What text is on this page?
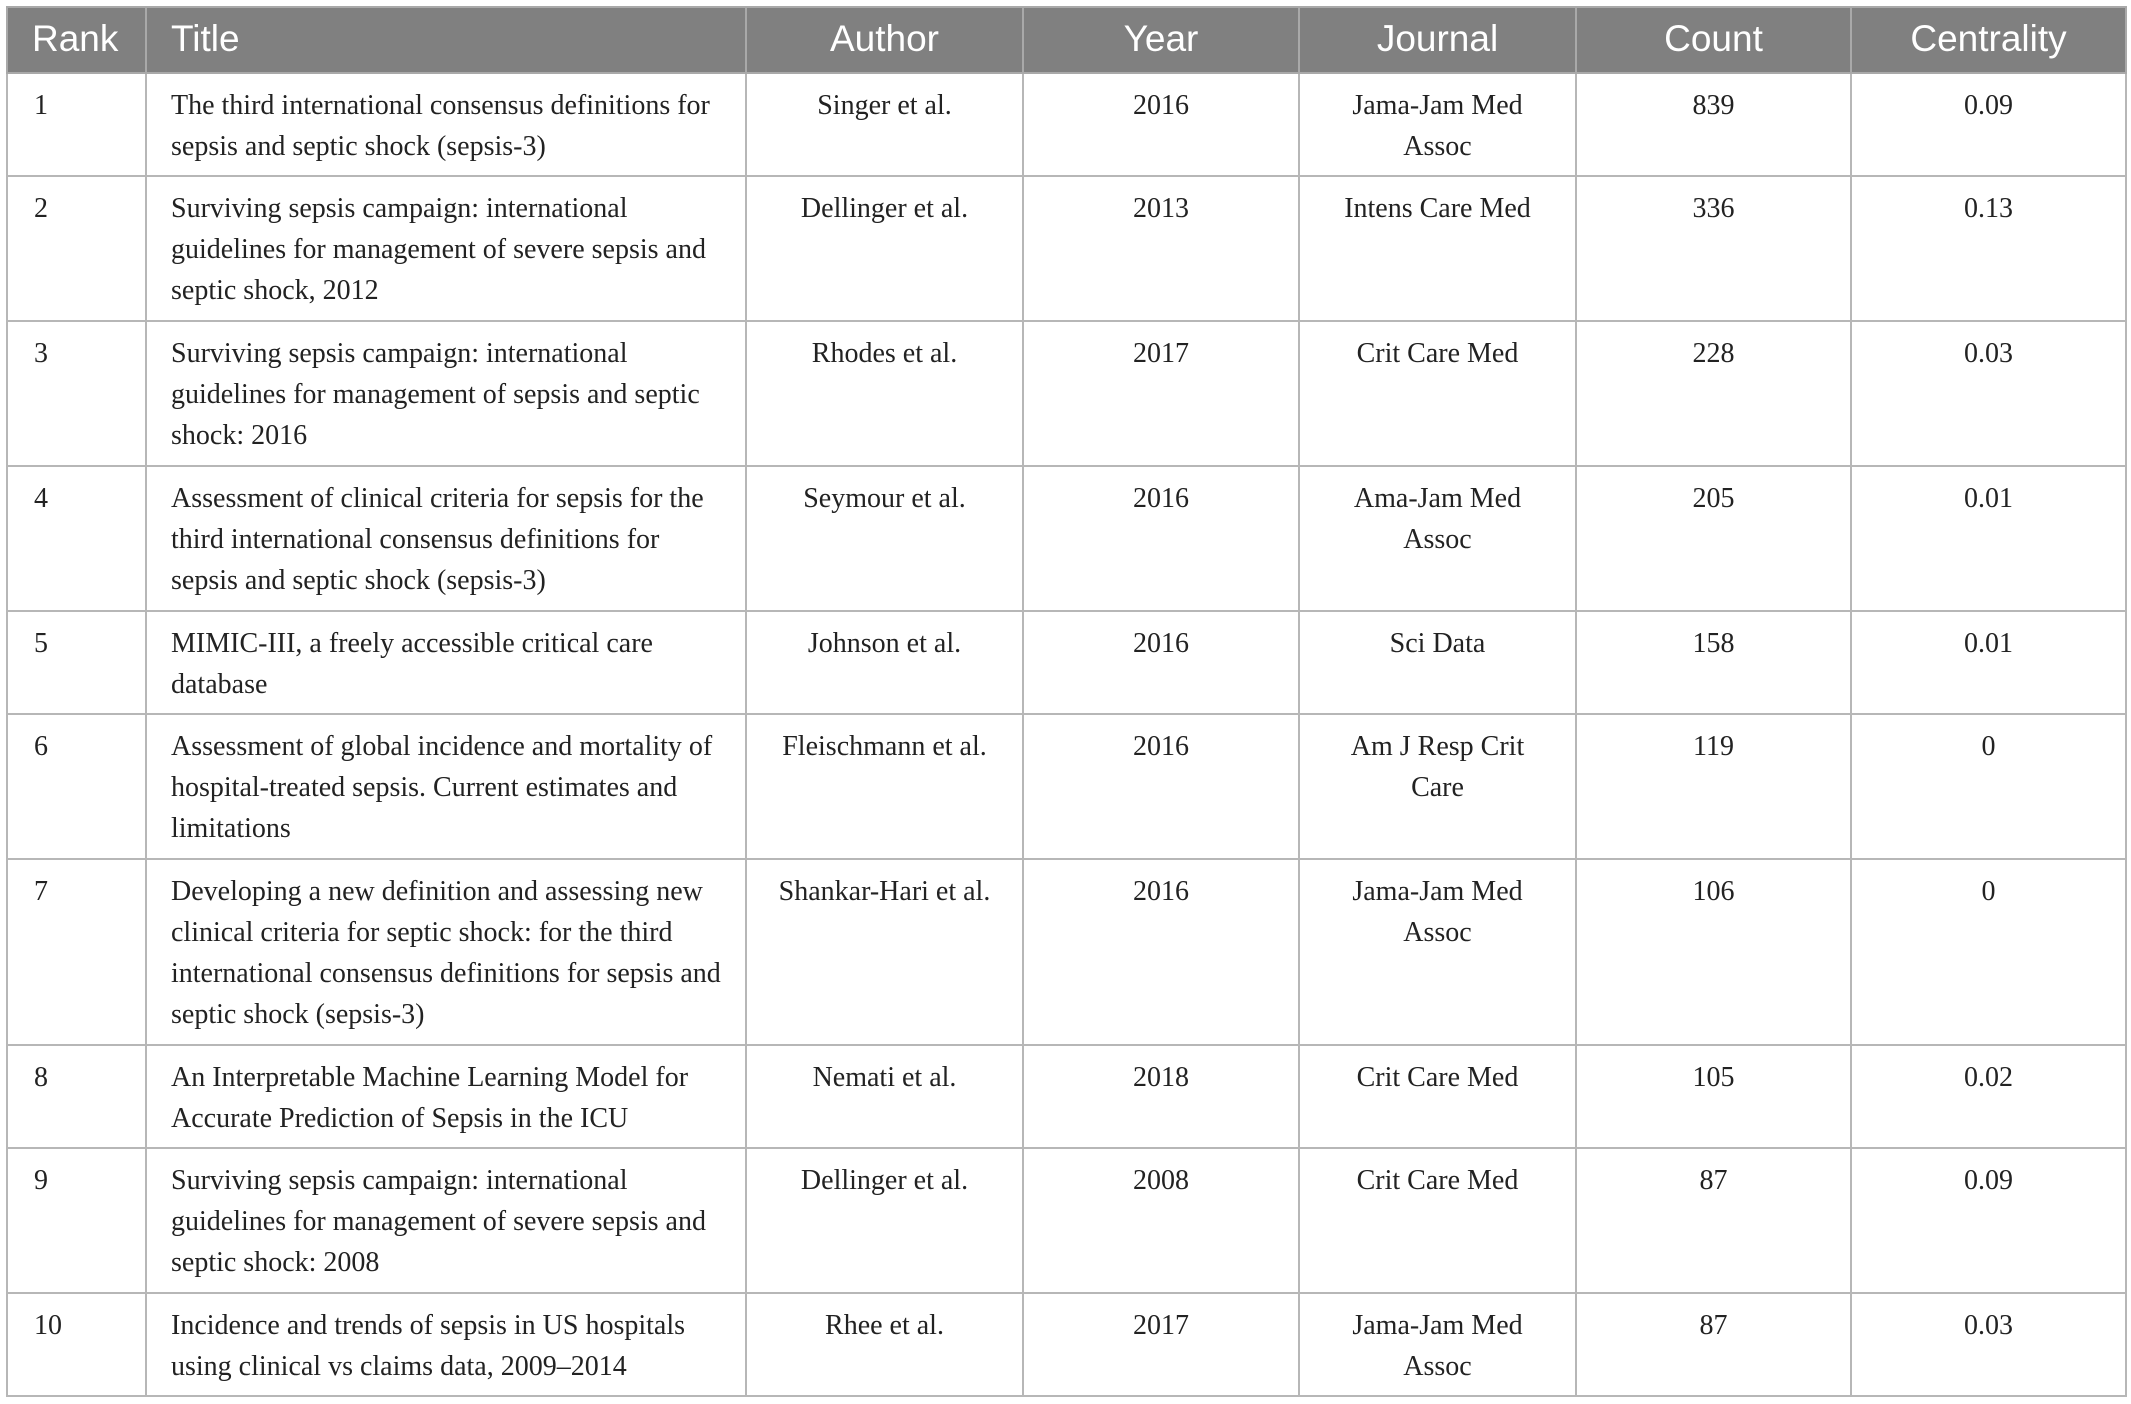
Rank	Title	Author	Year	Journal	Count	Centrality
1	The third international consensus definitions for sepsis and septic shock (sepsis-3)	Singer et al.	2016	Jama-Jam Med Assoc	839	0.09
2	Surviving sepsis campaign: international guidelines for management of severe sepsis and septic shock, 2012	Dellinger et al.	2013	Intens Care Med	336	0.13
3	Surviving sepsis campaign: international guidelines for management of sepsis and septic shock: 2016	Rhodes et al.	2017	Crit Care Med	228	0.03
4	Assessment of clinical criteria for sepsis for the third international consensus definitions for sepsis and septic shock (sepsis-3)	Seymour et al.	2016	Ama-Jam Med Assoc	205	0.01
5	MIMIC-III, a freely accessible critical care database	Johnson et al.	2016	Sci Data	158	0.01
6	Assessment of global incidence and mortality of hospital-treated sepsis. Current estimates and limitations	Fleischmann et al.	2016	Am J Resp Crit Care	119	0
7	Developing a new definition and assessing new clinical criteria for septic shock: for the third international consensus definitions for sepsis and septic shock (sepsis-3)	Shankar-Hari et al.	2016	Jama-Jam Med Assoc	106	0
8	An Interpretable Machine Learning Model for Accurate Prediction of Sepsis in the ICU	Nemati et al.	2018	Crit Care Med	105	0.02
9	Surviving sepsis campaign: international guidelines for management of severe sepsis and septic shock: 2008	Dellinger et al.	2008	Crit Care Med	87	0.09
10	Incidence and trends of sepsis in US hospitals using clinical vs claims data, 2009–2014	Rhee et al.	2017	Jama-Jam Med Assoc	87	0.03
